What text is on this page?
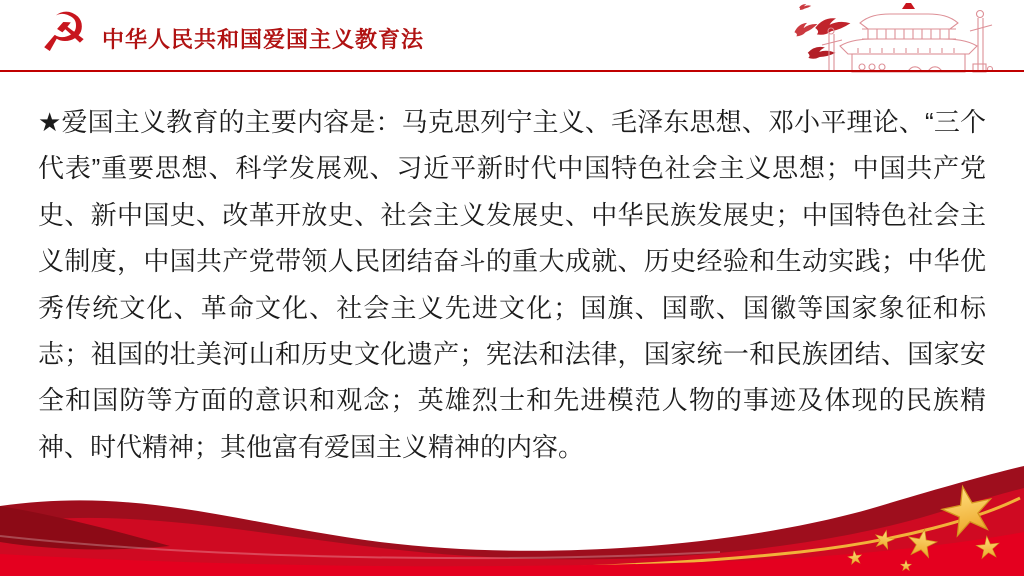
☭ 中华人民共和国爱国主义教育法

★爱国主义教育的主要内容是：马克思列宁主义、毛泽东思想、邓小平理论、“三个代表”重要思想、科学发展观、习近平新时代中国特色社会主义思想；中国共产党史、新中国史、改革开放史、社会主义发展史、中华民族发展史；中国特色社会主义制度，中国共产党带领人民团结奋斗的重大成就、历史经验和生动实践；中华优秀传统文化、革命文化、社会主义先进文化；国旗、国歌、国徽等国家象征和标志；祖国的壮美河山和历史文化遗产；宪法和法律，国家统一和民族团结、国家安全和国防等方面的意识和观念；英雄烈士和先进模范人物的事迹及体现的民族精神、时代精神；其他富有爱国主义精神的内容。
